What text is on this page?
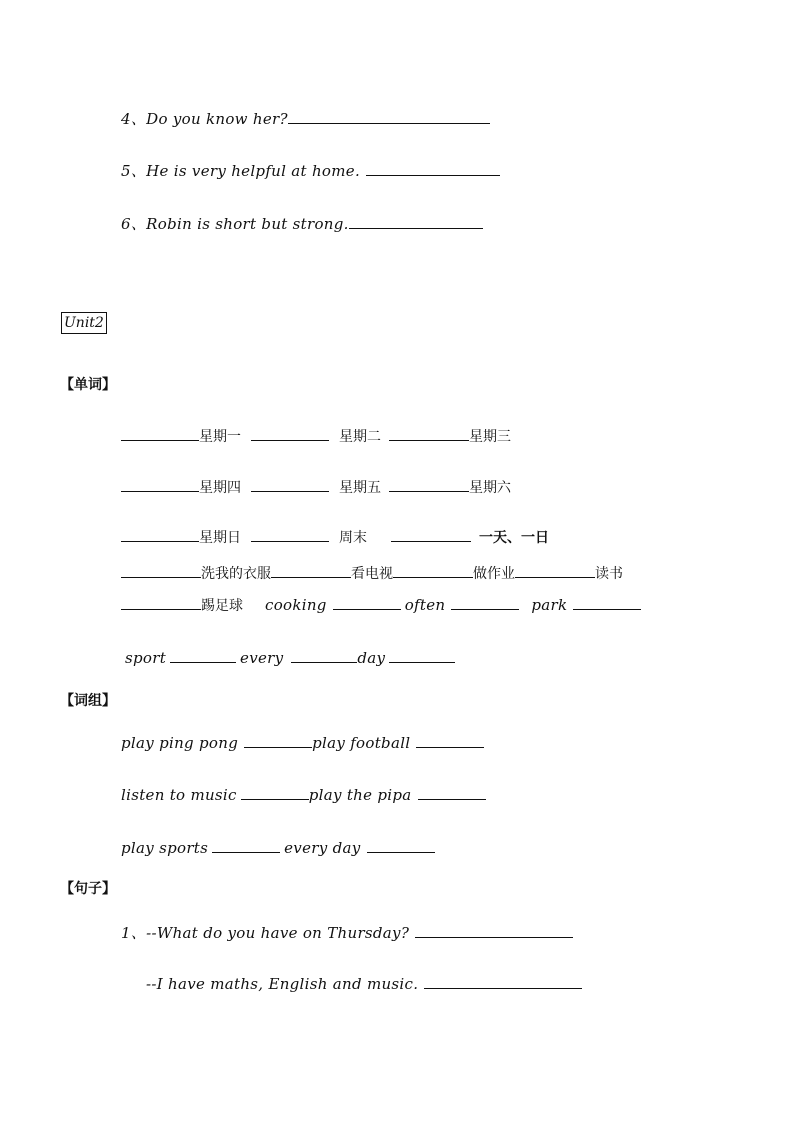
4、Do you know her?
5、He is very helpful at home.
6、Robin is short but strong.
Unit2
【单词】
星期一	星期二	星期三
星期四	星期五	星期六
星期日	周末	一天、一日
洗我的衣服	看电视	做作业	读书
踢足球 cooking	often	park
sport	every	day
【词组】
play ping pong	play football
listen to music	play the pipa
play sports	every day
【句子】
1、--What do you have on Thursday?
--I have maths, English and music.
